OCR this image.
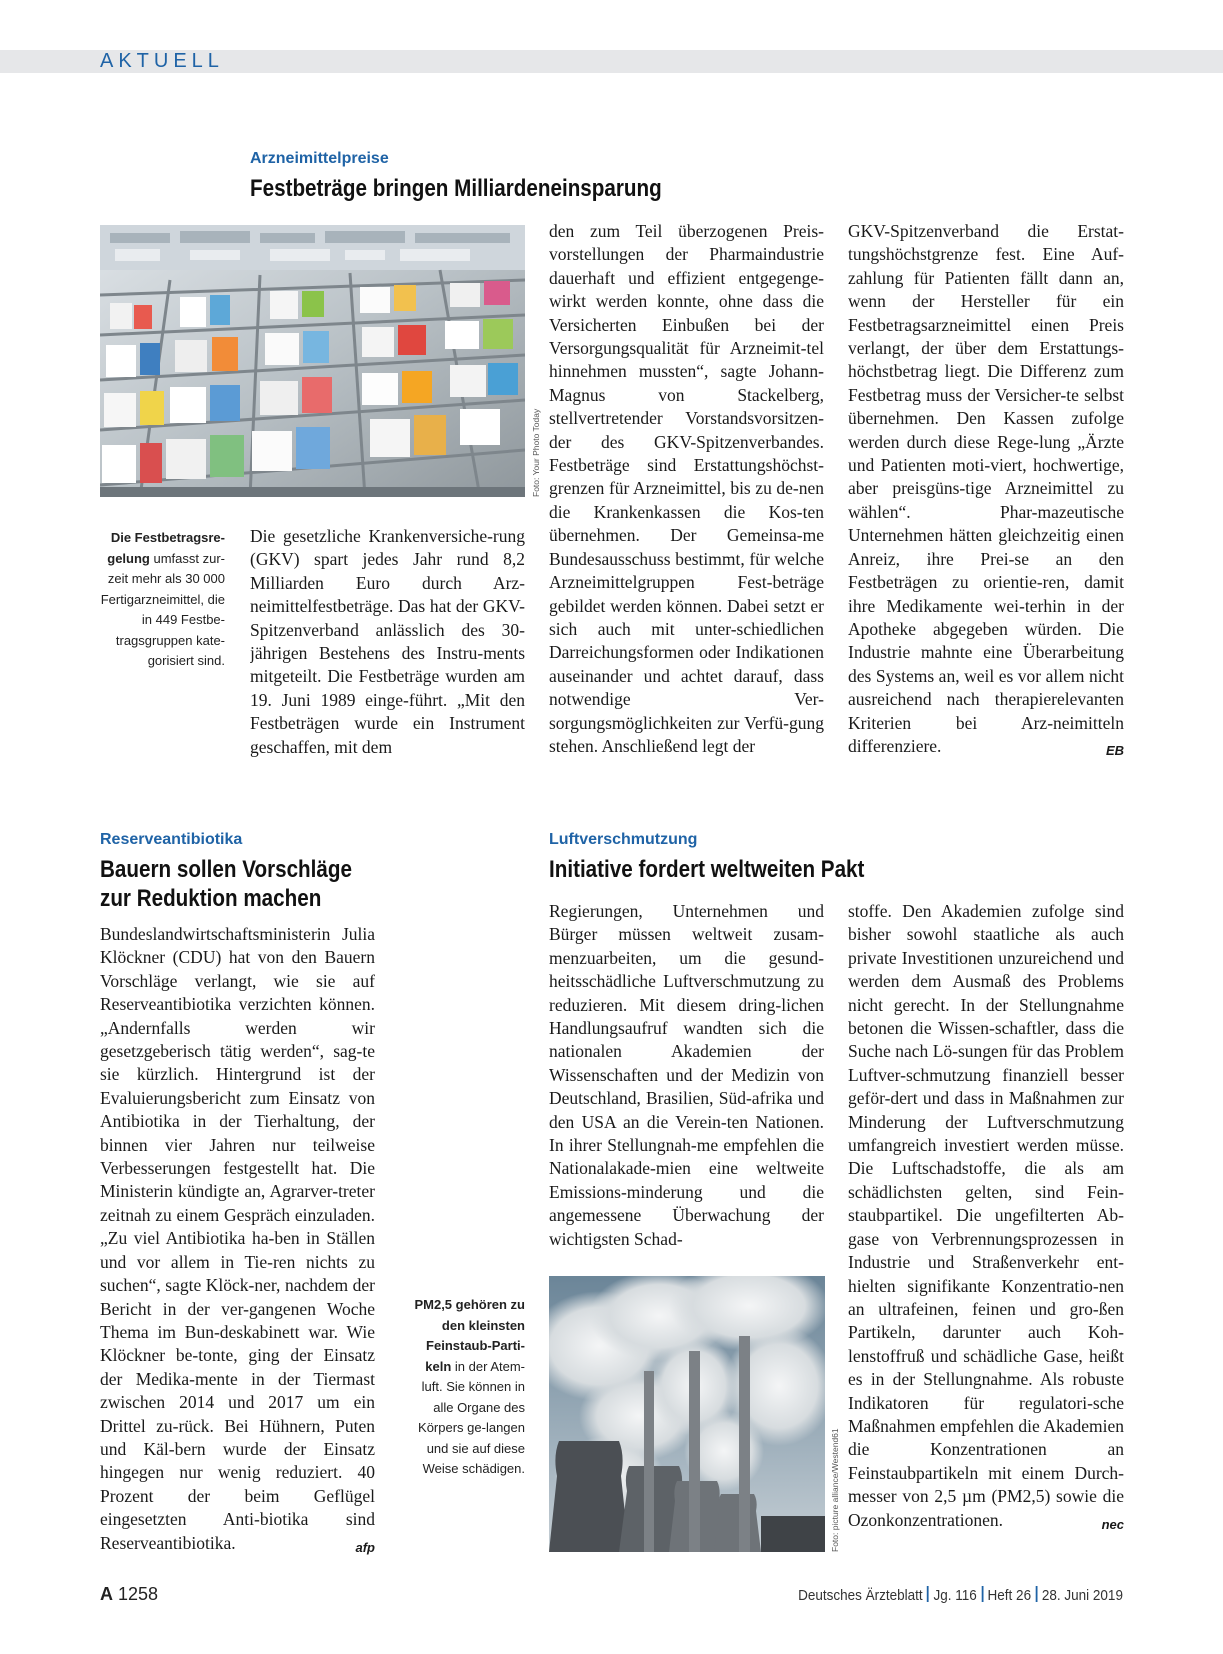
AKTUELL
Arzneimittelpreise
Festbeträge bringen Milliardeneinsparung
Foto: Your Photo Today
Die Festbetragsre-gelung umfasst zur-zeit mehr als 30 000 Fertigarzneimittel, die in 449 Festbe-tragsgruppen kate-gorisiert sind.
Die gesetzliche Krankenversiche-rung (GKV) spart jedes Jahr rund 8,2 Milliarden Euro durch Arz-neimittelfestbeträge. Das hat der GKV-Spitzenverband anlässlich des 30-jährigen Bestehens des Instru-ments mitgeteilt. Die Festbeträge wurden am 19. Juni 1989 einge-führt. „Mit den Festbeträgen wurde ein Instrument geschaffen, mit dem
den zum Teil überzogenen Preis-vorstellungen der Pharmaindustrie dauerhaft und effizient entgegenge-wirkt werden konnte, ohne dass die Versicherten Einbußen bei der Versorgungsqualität für Arzneimit-tel hinnehmen mussten“, sagte Johann-Magnus von Stackelberg, stellvertretender Vorstandsvorsitzen-der des GKV-Spitzenverbandes. Festbeträge sind Erstattungshöchst-grenzen für Arzneimittel, bis zu de-nen die Krankenkassen die Kos-ten übernehmen. Der Gemeinsa-me Bundesausschuss bestimmt, für welche Arzneimittelgruppen Fest-beträge gebildet werden können. Dabei setzt er sich auch mit unter-schiedlichen Darreichungsformen oder Indikationen auseinander und achtet darauf, dass notwendige Ver-sorgungsmöglichkeiten zur Verfü-gung stehen. Anschließend legt der
GKV-Spitzenverband die Erstat-tungshöchstgrenze fest. Eine Auf-zahlung für Patienten fällt dann an, wenn der Hersteller für ein Festbetragsarzneimittel einen Preis verlangt, der über dem Erstattungs-höchstbetrag liegt. Die Differenz zum Festbetrag muss der Versicher-te selbst übernehmen. Den Kassen zufolge werden durch diese Rege-lung „Ärzte und Patienten moti-viert, hochwertige, aber preisgüns-tige Arzneimittel zu wählen“. Phar-mazeutische Unternehmen hätten gleichzeitig einen Anreiz, ihre Prei-se an den Festbeträgen zu orientie-ren, damit ihre Medikamente wei-terhin in der Apotheke abgegeben würden. Die Industrie mahnte eine Überarbeitung des Systems an, weil es vor allem nicht ausreichend nach therapierelevanten Kriterien bei Arz-neimitteln differenziere.	EB
Reserveantibiotika
Bauern sollen Vorschläge
zur Reduktion machen
Bundeslandwirtschaftsministerin Julia Klöckner (CDU) hat von den Bauern Vorschläge verlangt, wie sie auf Reserveantibiotika verzichten können. „Andernfalls werden wir gesetzgeberisch tätig werden“, sag-te sie kürzlich. Hintergrund ist der Evaluierungsbericht zum Einsatz von Antibiotika in der Tierhaltung, der binnen vier Jahren nur teilweise Verbesserungen festgestellt hat. Die Ministerin kündigte an, Agrarver-treter zeitnah zu einem Gespräch einzuladen. „Zu viel Antibiotika ha-ben in Ställen und vor allem in Tie-ren nichts zu suchen“, sagte Klöck-ner, nachdem der Bericht in der ver-gangenen Woche Thema im Bun-deskabinett war. Wie Klöckner be-tonte, ging der Einsatz der Medika-mente in der Tiermast zwischen 2014 und 2017 um ein Drittel zu-rück. Bei Hühnern, Puten und Käl-bern wurde der Einsatz hingegen nur wenig reduziert. 40 Prozent der beim Geflügel eingesetzten Anti-biotika sind Reserveantibiotika.	afp
Luftverschmutzung
Initiative fordert weltweiten Pakt
Regierungen, Unternehmen und Bürger müssen weltweit zusam-menzuarbeiten, um die gesund-heitsschädliche Luftverschmutzung zu reduzieren. Mit diesem dring-lichen Handlungsaufruf wandten sich die nationalen Akademien der Wissenschaften und der Medizin von Deutschland, Brasilien, Süd-afrika und den USA an die Verein-ten Nationen. In ihrer Stellungnah-me empfehlen die Nationalakade-mien eine weltweite Emissions-minderung und die angemessene Überwachung der wichtigsten Schad-
stoffe. Den Akademien zufolge sind bisher sowohl staatliche als auch private Investitionen unzureichend und werden dem Ausmaß des Problems nicht gerecht. In der Stellungnahme betonen die Wissen-schaftler, dass die Suche nach Lö-sungen für das Problem Luftver-schmutzung finanziell besser geför-dert und dass in Maßnahmen zur Minderung der Luftverschmutzung umfangreich investiert werden müsse. Die Luftschadstoffe, die als am schädlichsten gelten, sind Fein-staubpartikel. Die ungefilterten Ab-gase von Verbrennungsprozessen in Industrie und Straßenverkehr ent-hielten signifikante Konzentratio-nen an ultrafeinen, feinen und gro-ßen Partikeln, darunter auch Koh-lenstoffruß und schädliche Gase, heißt es in der Stellungnahme. Als robuste Indikatoren für regulatori-sche Maßnahmen empfehlen die Akademien die Konzentrationen an Feinstaubpartikeln mit einem Durch-messer von 2,5 µm (PM2,5) sowie die Ozonkonzentrationen.	nec
PM2,5 gehören zu den kleinsten Feinstaub-Parti-keln in der Atem-luft. Sie können in alle Organe des Körpers ge-langen und sie auf diese Weise schädigen.	Foto: picture alliance/Westend61
A 1258	Deutsches Ärzteblatt Jg. 116 Heft 26 28. Juni 2019
